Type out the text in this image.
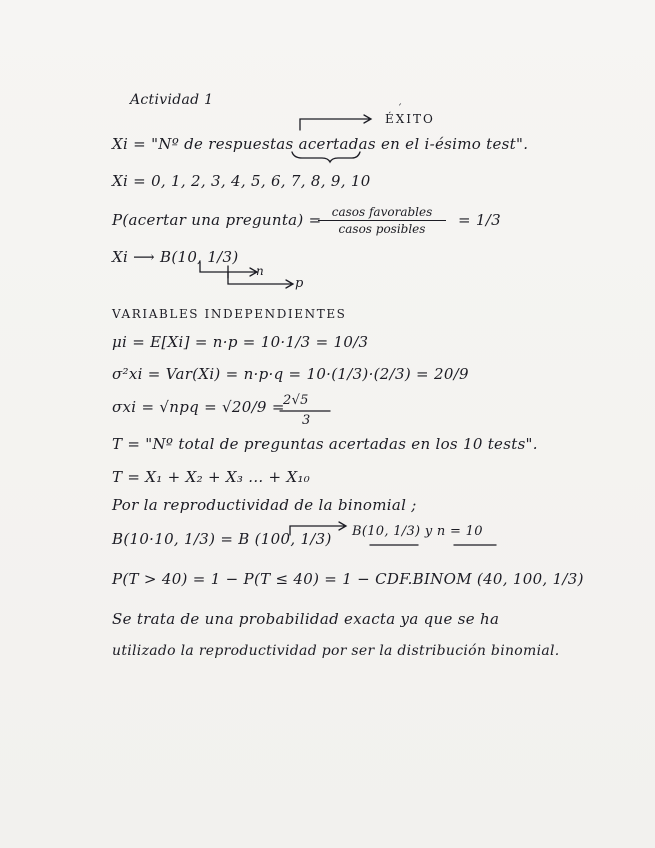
Actividad 1
´
ÉXITO
Xi = "Nº de respuestas acertadas en el i-ésimo test".
Xi = 0, 1, 2, 3, 4, 5, 6, 7, 8, 9, 10
P(acertar una pregunta) = casos favorables
casos posibles	= 1/3
Xi ⟶ B(10, 1/3)
n
p
VARIABLES INDEPENDIENTES
μi = E[Xi] = n·p = 10·1/3 = 10/3
σ²xi = Var(Xi) = n·p·q = 10·(1/3)·(2/3) = 20/9
σxi = √npq = √20/9 =
2√5
3
T = "Nº total de preguntas acertadas en los 10 tests".
T = X₁ + X₂ + X₃ ... + X₁₀
Por la reproductividad de la binomial ;
B(10·10, 1/3) = B (100, 1/3) B(10, 1/3) y n = 10
P(T > 40) = 1 − P(T ≤ 40) = 1 − CDF.BINOM (40, 100, 1/3)
Se trata de una probabilidad exacta ya que se ha
utilizado la reproductividad por ser la distribución binomial.
